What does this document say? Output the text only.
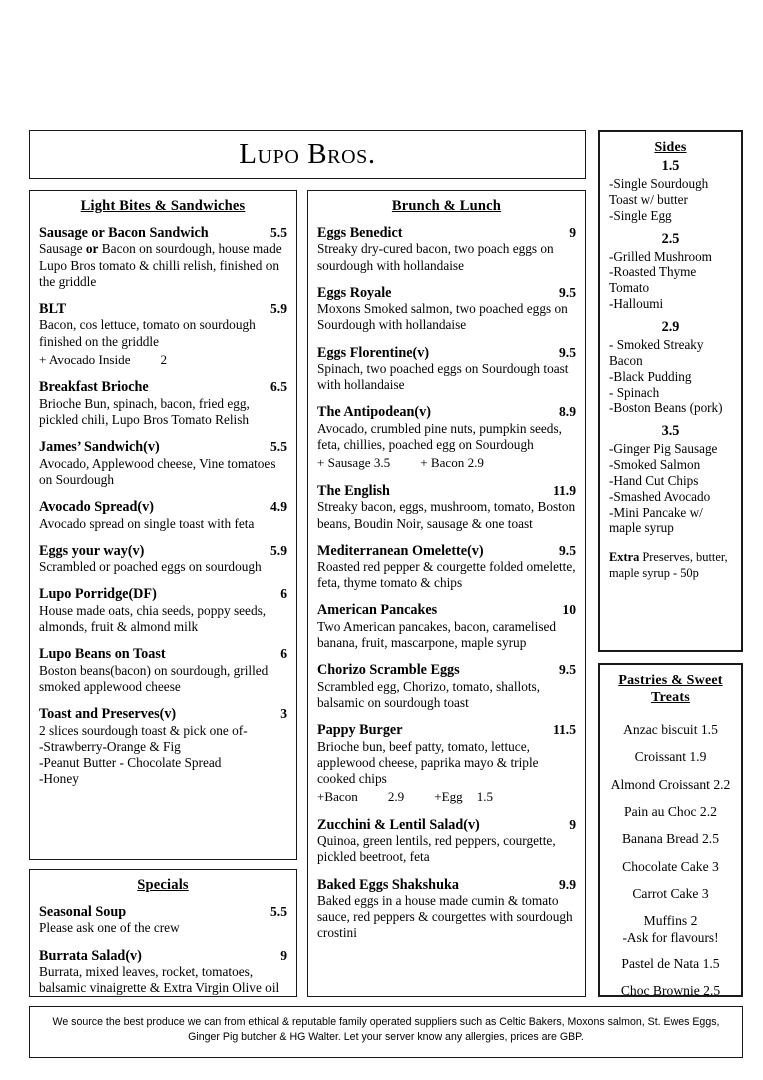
Lupo Bros.
Light Bites & Sandwiches
Sausage or Bacon Sandwich	5.5
Sausage or Bacon on sourdough, house made Lupo Bros tomato & chilli relish, finished on the griddle
BLT	5.9
Bacon, cos lettuce, tomato on sourdough finished on the griddle
+ Avocado Inside 2
Breakfast Brioche	6.5
Brioche Bun, spinach, bacon, fried egg, pickled chili, Lupo Bros Tomato Relish
James’ Sandwich(v)	5.5
Avocado, Applewood cheese, Vine tomatoes on Sourdough
Avocado Spread(v)	4.9
Avocado spread on single toast with feta
Eggs your way(v)	5.9
Scrambled or poached eggs on sourdough
Lupo Porridge(DF)	6
House made oats, chia seeds, poppy seeds, almonds, fruit & almond milk
Lupo Beans on Toast	6
Boston beans(bacon) on sourdough, grilled smoked applewood cheese
Toast and Preserves(v)	3
2 slices sourdough toast & pick one of-
-Strawberry-Orange & Fig
-Peanut Butter - Chocolate Spread
-Honey
Specials
Seasonal Soup	5.5
Please ask one of the crew
Burrata Salad(v)	9
Burrata, mixed leaves, rocket, tomatoes, balsamic vinaigrette & Extra Virgin Olive oil
Brunch & Lunch
Eggs Benedict	9
Streaky dry-cured bacon, two poach eggs on sourdough with hollandaise
Eggs Royale	9.5
Moxons Smoked salmon, two poached eggs on Sourdough with hollandaise
Eggs Florentine(v)	9.5
Spinach, two poached eggs on Sourdough toast with hollandaise
The Antipodean(v)	8.9
Avocado, crumbled pine nuts, pumpkin seeds, feta, chillies, poached egg on Sourdough
+ Sausage 3.5 + Bacon 2.9
The English	11.9
Streaky bacon, eggs, mushroom, tomato, Boston beans, Boudin Noir, sausage & one toast
Mediterranean Omelette(v)	9.5
Roasted red pepper & courgette folded omelette, feta, thyme tomato & chips
American Pancakes	10
Two American pancakes, bacon, caramelised banana, fruit, mascarpone, maple syrup
Chorizo Scramble Eggs	9.5
Scrambled egg, Chorizo, tomato, shallots, balsamic on sourdough toast
Pappy Burger	11.5
Brioche bun, beef patty, tomato, lettuce, applewood cheese, paprika mayo & triple cooked chips
+Bacon 2.9 +Egg 1.5
Zucchini & Lentil Salad(v)	9
Quinoa, green lentils, red peppers, courgette, pickled beetroot, feta
Baked Eggs Shakshuka	9.9
Baked eggs in a house made cumin & tomato sauce, red peppers & courgettes with sourdough crostini
Sides
1.5
-Single Sourdough Toast w/ butter
-Single Egg
2.5
-Grilled Mushroom
-Roasted Thyme Tomato
-Halloumi
2.9
- Smoked Streaky Bacon
-Black Pudding
- Spinach
-Boston Beans (pork)
3.5
-Ginger Pig Sausage
-Smoked Salmon
-Hand Cut Chips
-Smashed Avocado
-Mini Pancake w/ maple syrup
Extra Preserves, butter, maple syrup - 50p
Pastries & Sweet Treats
Anzac biscuit 1.5
Croissant 1.9
Almond Croissant 2.2
Pain au Choc 2.2
Banana Bread 2.5
Chocolate Cake 3
Carrot Cake 3
Muffins 2
-Ask for flavours!
Pastel de Nata 1.5
Choc Brownie 2.5
We source the best produce we can from ethical & reputable family operated suppliers such as Celtic Bakers, Moxons salmon, St. Ewes Eggs, Ginger Pig butcher & HG Walter. Let your server know any allergies, prices are GBP.
